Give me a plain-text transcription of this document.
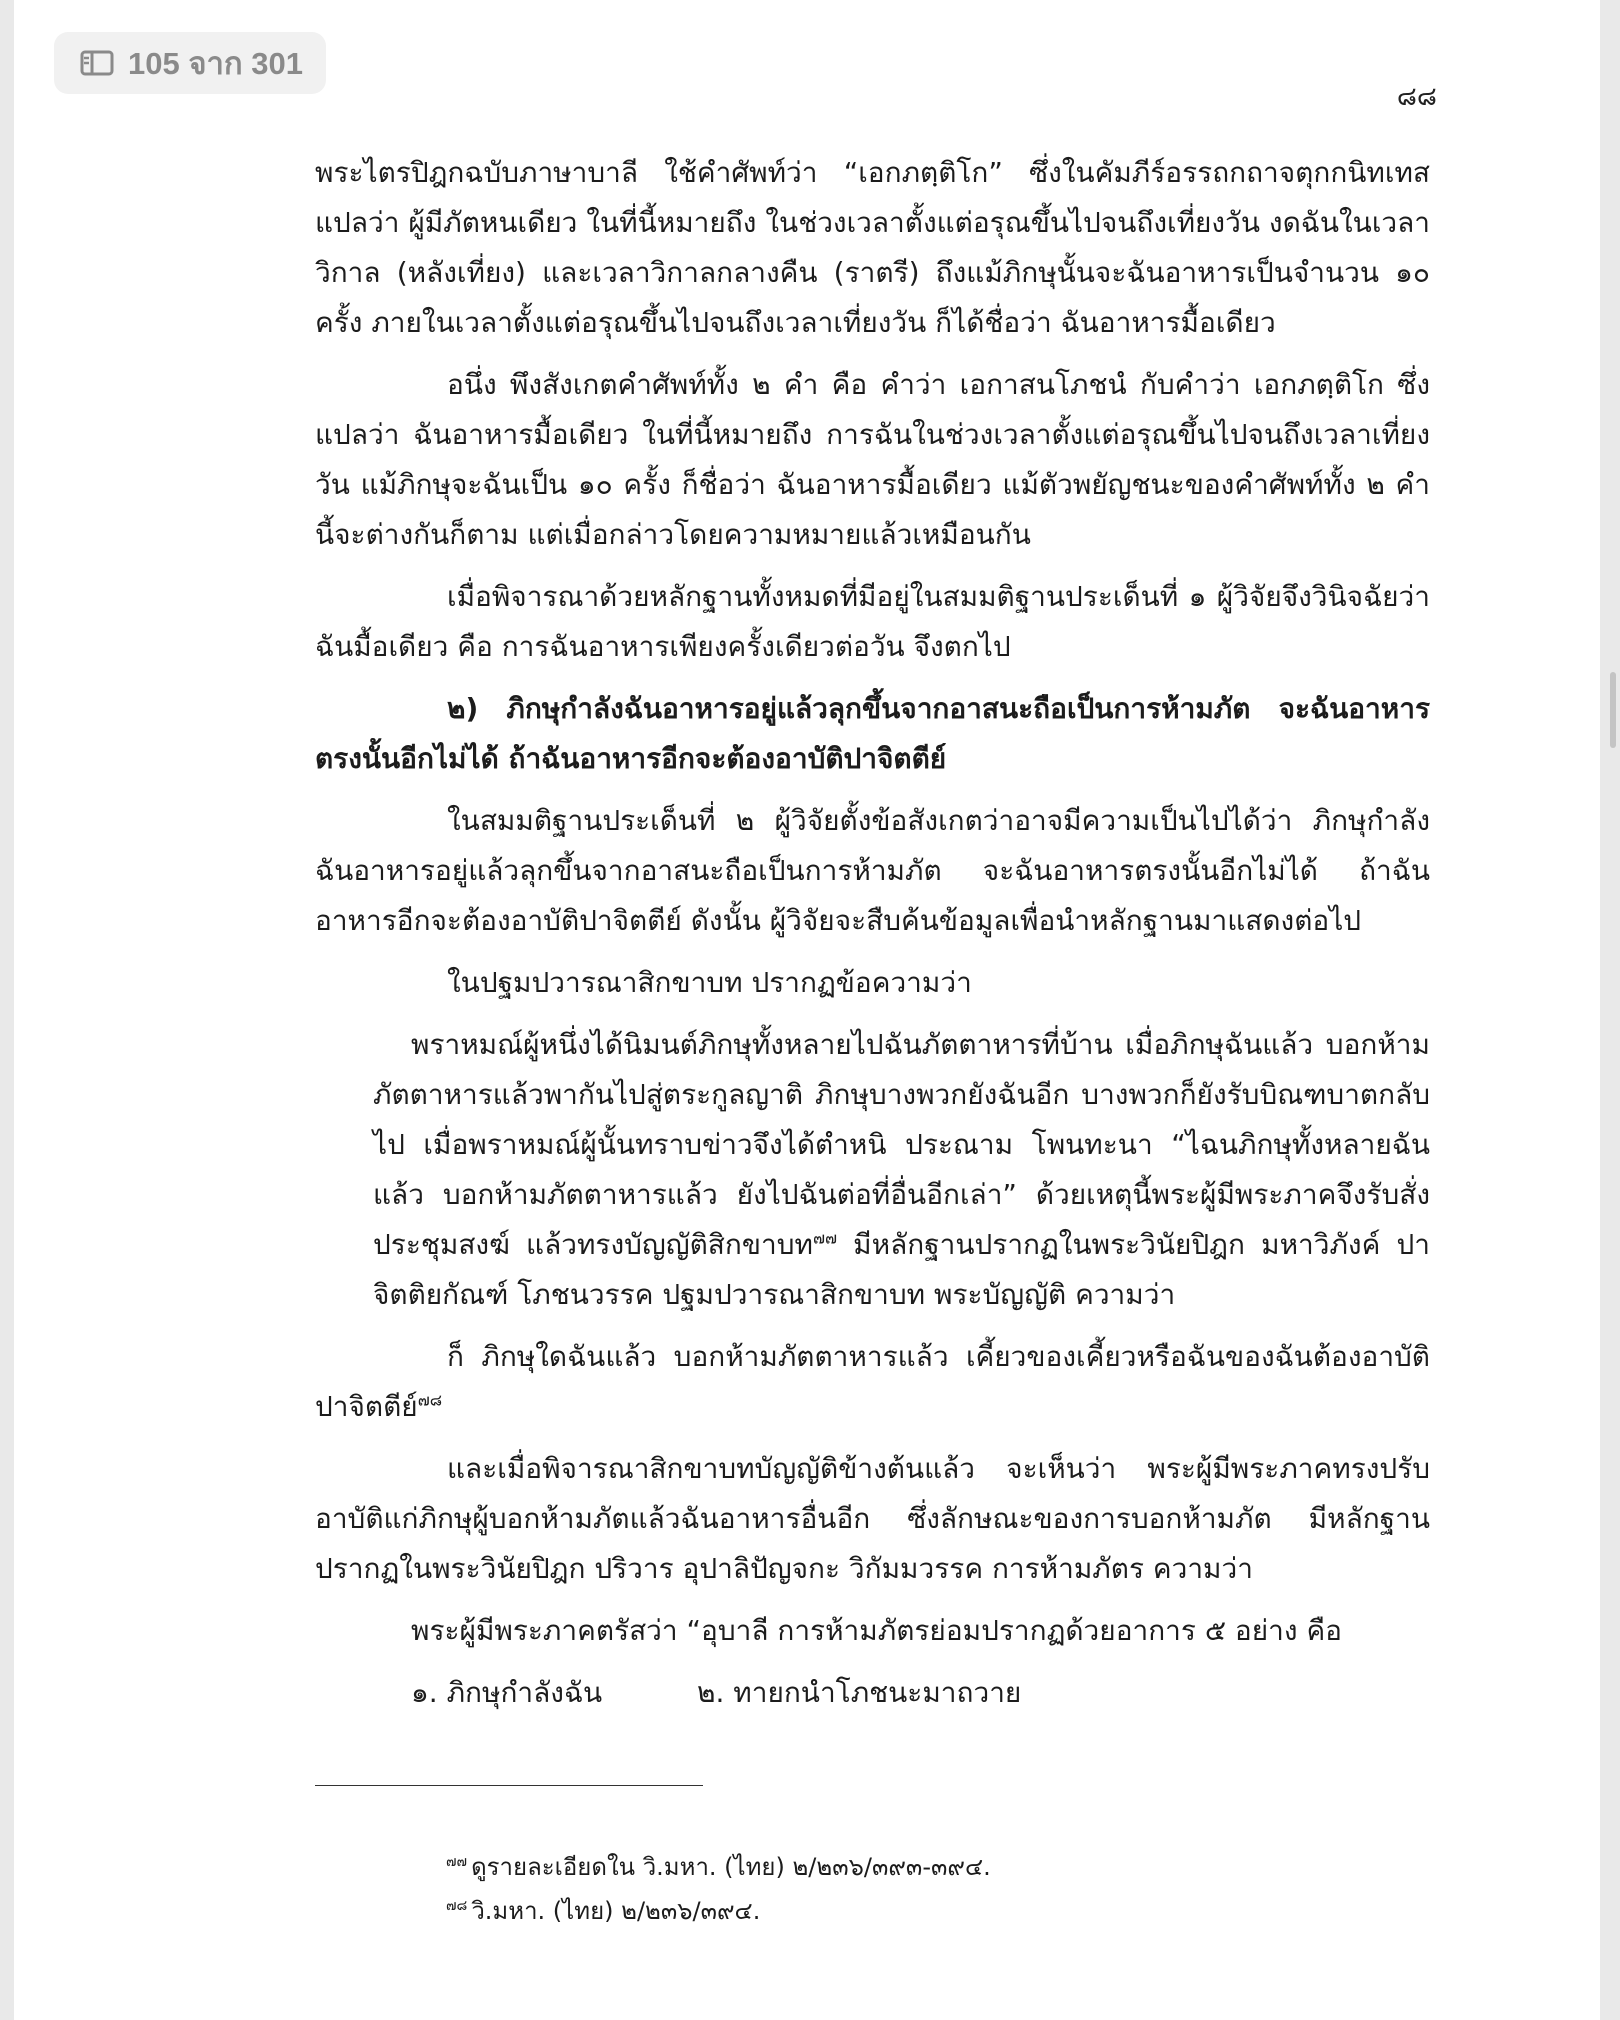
105 จาก 301
๘๘

พระไตรปิฎกฉบับภาษาบาลี ใช้คำศัพท์ว่า “เอกภตฺติโก” ซึ่งในคัมภีร์อรรถกถาจตุกกนิทเทส แปลว่า ผู้มีภัตหนเดียว ในที่นี้หมายถึง ในช่วงเวลาตั้งแต่อรุณขึ้นไปจนถึงเที่ยงวัน งดฉันในเวลาวิกาล (หลังเที่ยง) และเวลาวิกาลกลางคืน (ราตรี) ถึงแม้ภิกษุนั้นจะฉันอาหารเป็นจำนวน ๑๐ ครั้ง ภายในเวลาตั้งแต่อรุณขึ้นไปจนถึงเวลาเที่ยงวัน ก็ได้ชื่อว่า ฉันอาหารมื้อเดียว

อนึ่ง พึงสังเกตคำศัพท์ทั้ง ๒ คำ คือ คำว่า เอกาสนโภชนํ กับคำว่า เอกภตฺติโก ซึ่งแปลว่า ฉันอาหารมื้อเดียว ในที่นี้หมายถึง การฉันในช่วงเวลาตั้งแต่อรุณขึ้นไปจนถึงเวลาเที่ยงวัน แม้ภิกษุจะฉันเป็น ๑๐ ครั้ง ก็ชื่อว่า ฉันอาหารมื้อเดียว แม้ตัวพยัญชนะของคำศัพท์ทั้ง ๒ คำนี้จะต่างกันก็ตาม แต่เมื่อกล่าวโดยความหมายแล้วเหมือนกัน

เมื่อพิจารณาด้วยหลักฐานทั้งหมดที่มีอยู่ในสมมติฐานประเด็นที่ ๑ ผู้วิจัยจึงวินิจฉัยว่า ฉันมื้อเดียว คือ การฉันอาหารเพียงครั้งเดียวต่อวัน จึงตกไป

๒) ภิกษุกำลังฉันอาหารอยู่แล้วลุกขึ้นจากอาสนะถือเป็นการห้ามภัต จะฉันอาหารตรงนั้นอีกไม่ได้ ถ้าฉันอาหารอีกจะต้องอาบัติปาจิตตีย์

ในสมมติฐานประเด็นที่ ๒ ผู้วิจัยตั้งข้อสังเกตว่าอาจมีความเป็นไปได้ว่า ภิกษุกำลังฉันอาหารอยู่แล้วลุกขึ้นจากอาสนะถือเป็นการห้ามภัต จะฉันอาหารตรงนั้นอีกไม่ได้ ถ้าฉันอาหารอีกจะต้องอาบัติปาจิตตีย์ ดังนั้น ผู้วิจัยจะสืบค้นข้อมูลเพื่อนำหลักฐานมาแสดงต่อไป

ในปฐมปวารณาสิกขาบท ปรากฏข้อความว่า

พราหมณ์ผู้หนึ่งได้นิมนต์ภิกษุทั้งหลายไปฉันภัตตาหารที่บ้าน เมื่อภิกษุฉันแล้ว บอกห้ามภัตตาหารแล้วพากันไปสู่ตระกูลญาติ ภิกษุบางพวกยังฉันอีก บางพวกก็ยังรับบิณฑบาตกลับไป เมื่อพราหมณ์ผู้นั้นทราบข่าวจึงได้ตำหนิ ประณาม โพนทะนา “ไฉนภิกษุทั้งหลายฉันแล้ว บอกห้ามภัตตาหารแล้ว ยังไปฉันต่อที่อื่นอีกเล่า” ด้วยเหตุนี้พระผู้มีพระภาคจึงรับสั่งประชุมสงฆ์ แล้วทรงบัญญัติสิกขาบท$^{๗๗}$ มีหลักฐานปรากฏในพระวินัยปิฎก มหาวิภังค์ ปาจิตติยกัณฑ์ โภชนวรรค ปฐมปวารณาสิกขาบท พระบัญญัติ ความว่า

ก็ ภิกษุใดฉันแล้ว บอกห้ามภัตตาหารแล้ว เคี้ยวของเคี้ยวหรือฉันของฉันต้องอาบัติปาจิตตีย์$^{๗๘}$

และเมื่อพิจารณาสิกขาบทบัญญัติข้างต้นแล้ว จะเห็นว่า พระผู้มีพระภาคทรงปรับอาบัติแก่ภิกษุผู้บอกห้ามภัตแล้วฉันอาหารอื่นอีก ซึ่งลักษณะของการบอกห้ามภัต มีหลักฐานปรากฏในพระวินัยปิฎก ปริวาร อุปาลิปัญจกะ วิกัมมวรรค การห้ามภัตร ความว่า

พระผู้มีพระภาคตรัสว่า “อุบาลี การห้ามภัตรย่อมปรากฏด้วยอาการ ๕ อย่าง คือ

๑. ภิกษุกำลังฉัน	๒. ทายกนำโภชนะมาถวาย
$^{๗๗}$ ดูรายละเอียดใน วิ.มหา. (ไทย) ๒/๒๓๖/๓๙๓-๓๙๔.
$^{๗๘}$ วิ.มหา. (ไทย) ๒/๒๓๖/๓๙๔.
